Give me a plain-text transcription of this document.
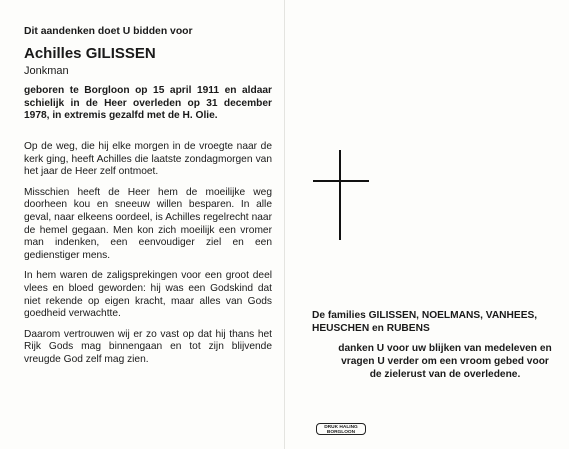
Dit aandenken doet U bidden voor
Achilles GILISSEN
Jonkman

geboren te Borgloon op 15 april 1911 en aldaar schielijk in de Heer overleden op 31 december 1978, in extremis gezalfd met de H. Olie.

Op de weg, die hij elke morgen in de vroegte naar de kerk ging, heeft Achilles die laatste zondagmorgen van het jaar de Heer zelf ontmoet.

Misschien heeft de Heer hem de moeilijke weg doorheen kou en sneeuw willen besparen. In alle geval, naar elkeens oordeel, is Achilles regelrecht naar de hemel gegaan. Men kon zich moeilijk een vromer man indenken, een eenvoudiger ziel en een gedienstiger mens.

In hem waren de zaligsprekingen voor een groot deel vlees en bloed geworden: hij was een Godskind dat niet rekende op eigen kracht, maar alles van Gods goedheid verwachtte.

Daarom vertrouwen wij er zo vast op dat hij thans het Rijk Gods mag binnengaan en tot zijn blijvende vreugde God zelf mag zien.

De families GILISSEN, NOELMANS, VANHEES, HEUSCHEN en RUBENS
danken U voor uw blijken van medeleven en vragen U verder om een vroom gebed voor de zielerust van de overledene.
DRUK HALING
BORGLOON
